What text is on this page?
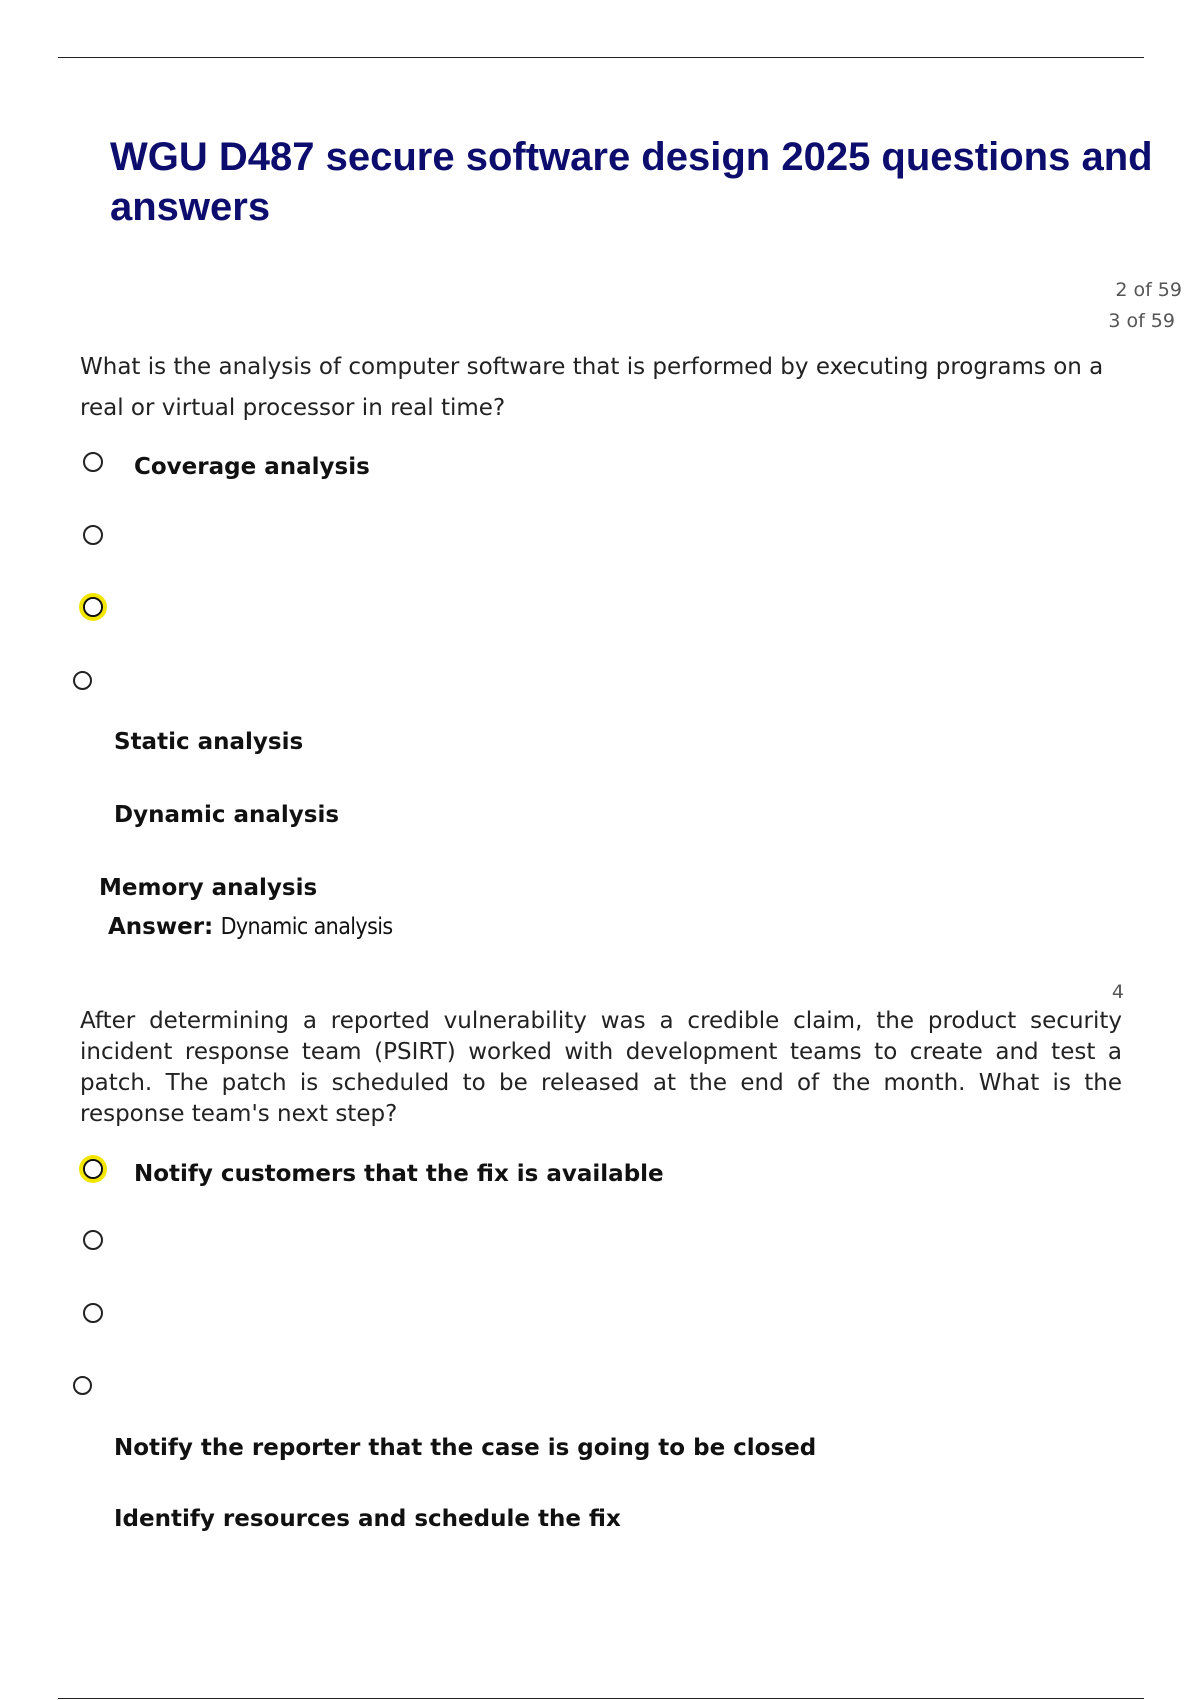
WGU D487 secure software design 2025 questions and answers
2 of 59
3 of 59

What is the analysis of computer software that is performed by executing programs on a real or virtual processor in real time?

Coverage analysis
Static analysis
Dynamic analysis
Memory analysis
Answer: Dynamic analysis
4

After determining a reported vulnerability was a credible claim, the product security incident response team (PSIRT) worked with development teams to create and test a patch. The patch is scheduled to be released at the end of the month. What is the response team's next step?

Notify customers that the fix is available
Notify the reporter that the case is going to be closed
Identify resources and schedule the fix
